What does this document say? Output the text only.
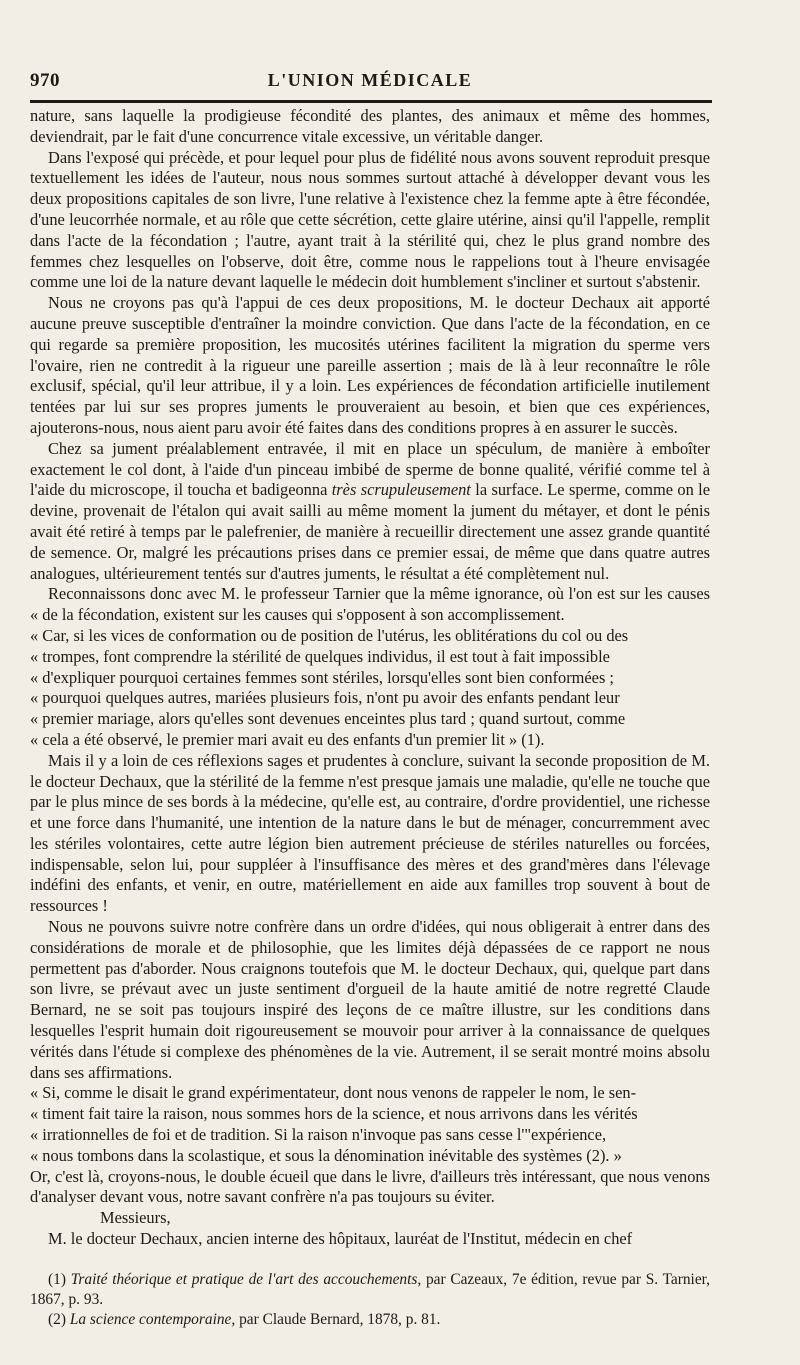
970	L'UNION MÉDICALE

nature, sans laquelle la prodigieuse fécondité des plantes, des animaux et même des hommes, deviendrait, par le fait d'une concurrence vitale excessive, un véritable danger.

Dans l'exposé qui précède, et pour lequel pour plus de fidélité nous avons souvent reproduit presque textuellement les idées de l'auteur, nous nous sommes surtout attaché à développer devant vous les deux propositions capitales de son livre, l'une relative à l'existence chez la femme apte à être fécondée, d'une leucorrhée normale, et au rôle que cette sécrétion, cette glaire utérine, ainsi qu'il l'appelle, remplit dans l'acte de la fécondation ; l'autre, ayant trait à la stérilité qui, chez le plus grand nombre des femmes chez lesquelles on l'observe, doit être, comme nous le rappelions tout à l'heure envisagée comme une loi de la nature devant laquelle le médecin doit humblement s'incliner et surtout s'abstenir.

Nous ne croyons pas qu'à l'appui de ces deux propositions, M. le docteur Dechaux ait apporté aucune preuve susceptible d'entraîner la moindre conviction. Que dans l'acte de la fécondation, en ce qui regarde sa première proposition, les mucosités utérines facilitent la migration du sperme vers l'ovaire, rien ne contredit à la rigueur une pareille assertion ; mais de là à leur reconnaître le rôle exclusif, spécial, qu'il leur attribue, il y a loin. Les expériences de fécondation artificielle inutilement tentées par lui sur ses propres juments le prouveraient au besoin, et bien que ces expériences, ajouterons-nous, nous aient paru avoir été faites dans des conditions propres à en assurer le succès.

Chez sa jument préalablement entravée, il mit en place un spéculum, de manière à emboîter exactement le col dont, à l'aide d'un pinceau imbibé de sperme de bonne qualité, vérifié comme tel à l'aide du microscope, il toucha et badigeonna très scrupuleusement la surface. Le sperme, comme on le devine, provenait de l'étalon qui avait sailli au même moment la jument du métayer, et dont le pénis avait été retiré à temps par le palefrenier, de manière à recueillir directement une assez grande quantité de semence. Or, malgré les précautions prises dans ce premier essai, de même que dans quatre autres analogues, ultérieurement tentés sur d'autres juments, le résultat a été complètement nul.

Reconnaissons donc avec M. le professeur Tarnier que la même ignorance, où l'on est sur les causes « de la fécondation, existent sur les causes qui s'opposent à son accomplissement.

« Car, si les vices de conformation ou de position de l'utérus, les oblitérations du col ou des

« trompes, font comprendre la stérilité de quelques individus, il est tout à fait impossible

« d'expliquer pourquoi certaines femmes sont stériles, lorsqu'elles sont bien conformées ;

« pourquoi quelques autres, mariées plusieurs fois, n'ont pu avoir des enfants pendant leur

« premier mariage, alors qu'elles sont devenues enceintes plus tard ; quand surtout, comme

« cela a été observé, le premier mari avait eu des enfants d'un premier lit » (1).

Mais il y a loin de ces réflexions sages et prudentes à conclure, suivant la seconde proposition de M. le docteur Dechaux, que la stérilité de la femme n'est presque jamais une maladie, qu'elle ne touche que par le plus mince de ses bords à la médecine, qu'elle est, au contraire, d'ordre providentiel, une richesse et une force dans l'humanité, une intention de la nature dans le but de ménager, concurremment avec les stériles volontaires, cette autre légion bien autrement précieuse de stériles naturelles ou forcées, indispensable, selon lui, pour suppléer à l'insuffisance des mères et des grand'mères dans l'élevage indéfini des enfants, et venir, en outre, matériellement en aide aux familles trop souvent à bout de ressources !

Nous ne pouvons suivre notre confrère dans un ordre d'idées, qui nous obligerait à entrer dans des considérations de morale et de philosophie, que les limites déjà dépassées de ce rapport ne nous permettent pas d'aborder. Nous craignons toutefois que M. le docteur Dechaux, qui, quelque part dans son livre, se prévaut avec un juste sentiment d'orgueil de la haute amitié de notre regretté Claude Bernard, ne se soit pas toujours inspiré des leçons de ce maître illustre, sur les conditions dans lesquelles l'esprit humain doit rigoureusement se mouvoir pour arriver à la connaissance de quelques vérités dans l'étude si complexe des phénomènes de la vie. Autrement, il se serait montré moins absolu dans ses affirmations.

« Si, comme le disait le grand expérimentateur, dont nous venons de rappeler le nom, le sen-

« timent fait taire la raison, nous sommes hors de la science, et nous arrivons dans les vérités

« irrationnelles de foi et de tradition. Si la raison n'invoque pas sans cesse l'"expérience,

« nous tombons dans la scolastique, et sous la dénomination inévitable des systèmes (2). »

Or, c'est là, croyons-nous, le double écueil que dans le livre, d'ailleurs très intéressant, que nous venons d'analyser devant vous, notre savant confrère n'a pas toujours su éviter.

Messieurs,

M. le docteur Dechaux, ancien interne des hôpitaux, lauréat de l'Institut, médecin en chef

(1) Traité théorique et pratique de l'art des accouchements, par Cazeaux, 7e édition, revue par S. Tarnier, 1867, p. 93.

(2) La science contemporaine, par Claude Bernard, 1878, p. 81.
